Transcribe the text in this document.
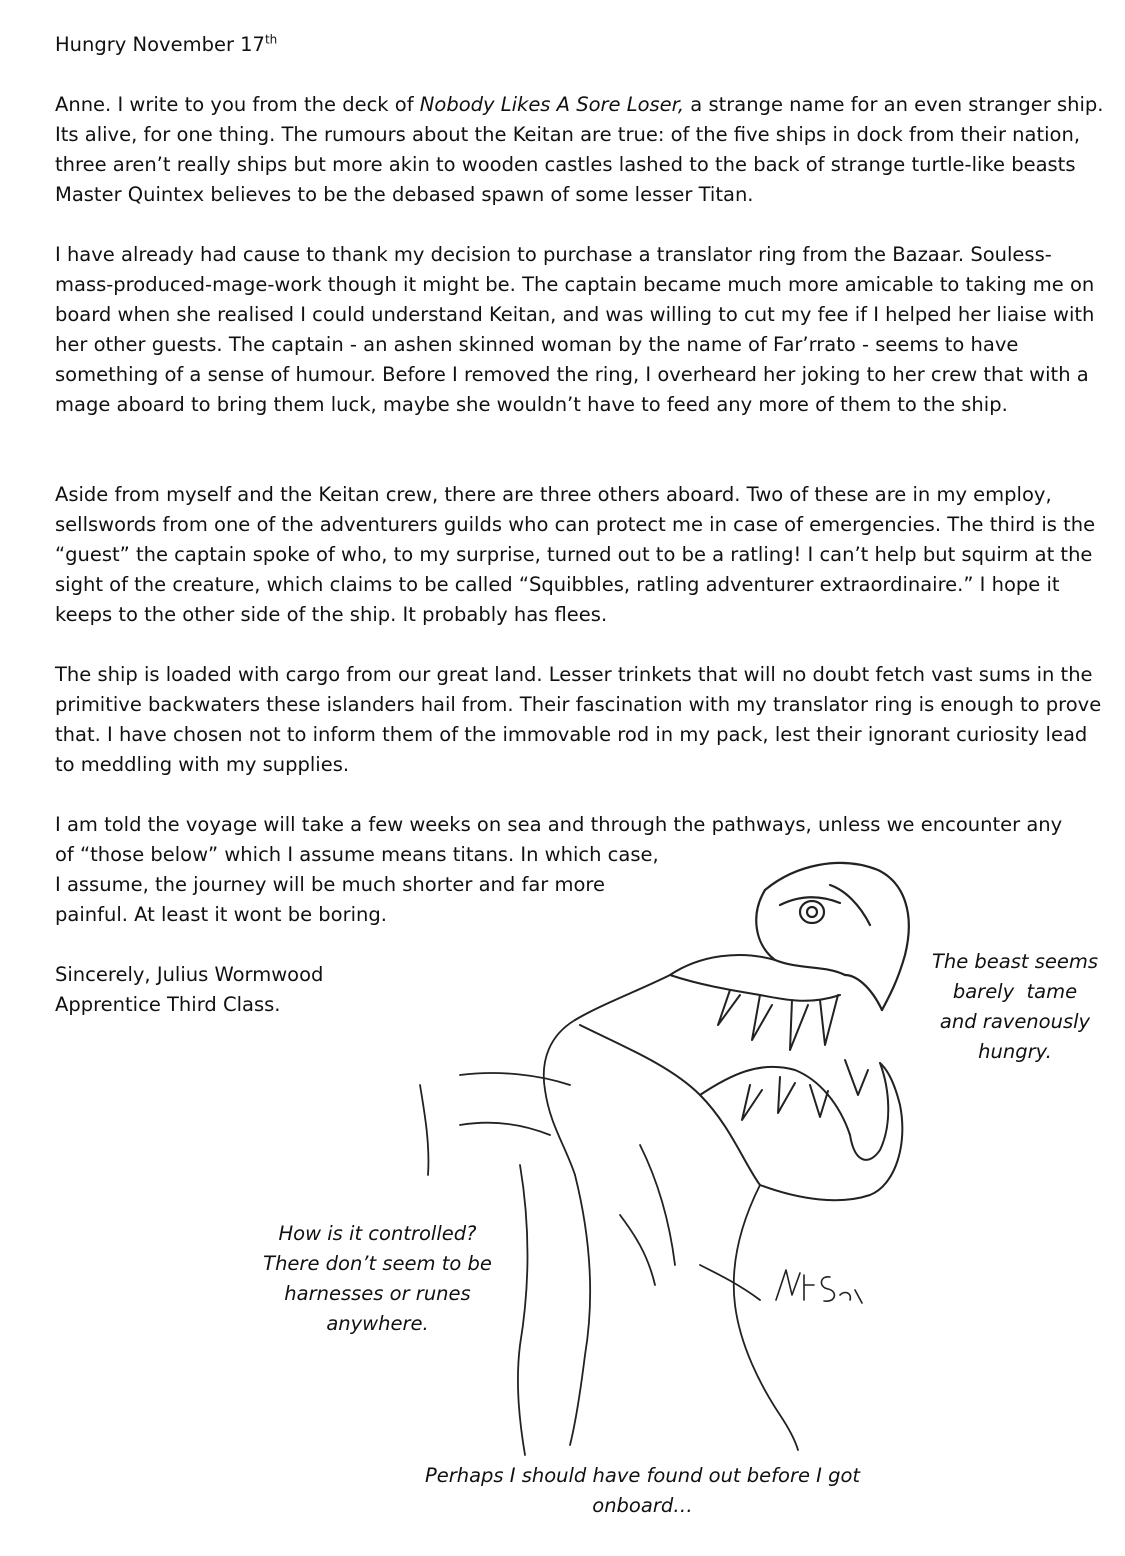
Hungry November 17th
Anne. I write to you from the deck of Nobody Likes A Sore Loser, a strange name for an even stranger ship. Its alive, for one thing. The rumours about the Keitan are true: of the five ships in dock from their nation, three aren’t really ships but more akin to wooden castles lashed to the back of strange turtle-like beasts Master Quintex believes to be the debased spawn of some lesser Titan.

I have already had cause to thank my decision to purchase a translator ring from the Bazaar. Souless-mass-produced-mage-work though it might be. The captain became much more amicable to taking me on board when she realised I could understand Keitan, and was willing to cut my fee if I helped her liaise with her other guests. The captain - an ashen skinned woman by the name of Far’rrato - seems to have something of a sense of humour. Before I removed the ring, I overheard her joking to her crew that with a mage aboard to bring them luck, maybe she wouldn’t have to feed any more of them to the ship.

Aside from myself and the Keitan crew, there are three others aboard. Two of these are in my employ, sellswords from one of the adventurers guilds who can protect me in case of emergencies. The third is the “guest” the captain spoke of who, to my surprise, turned out to be a ratling! I can’t help but squirm at the sight of the creature, which claims to be called “Squibbles, ratling adventurer extraordinaire.” I hope it keeps to the other side of the ship. It probably has flees.

The ship is loaded with cargo from our great land. Lesser trinkets that will no doubt fetch vast sums in the primitive backwaters these islanders hail from. Their fascination with my translator ring is enough to prove that. I have chosen not to inform them of the immovable rod in my pack, lest their ignorant curiosity lead to meddling with my supplies.

I am told the voyage will take a few weeks on sea and through the pathways, unless we encounter any
of “those below” which I assume means titans. In which case,
I assume, the journey will be much shorter and far more
painful. At least it wont be boring.
Sincerely, Julius Wormwood
Apprentice Third Class.
The beast seems
barely  tame
and ravenously
hungry.
How is it controlled?
There don’t seem to be
harnesses or runes
anywhere.
Perhaps I should have found out before I got
onboard…
